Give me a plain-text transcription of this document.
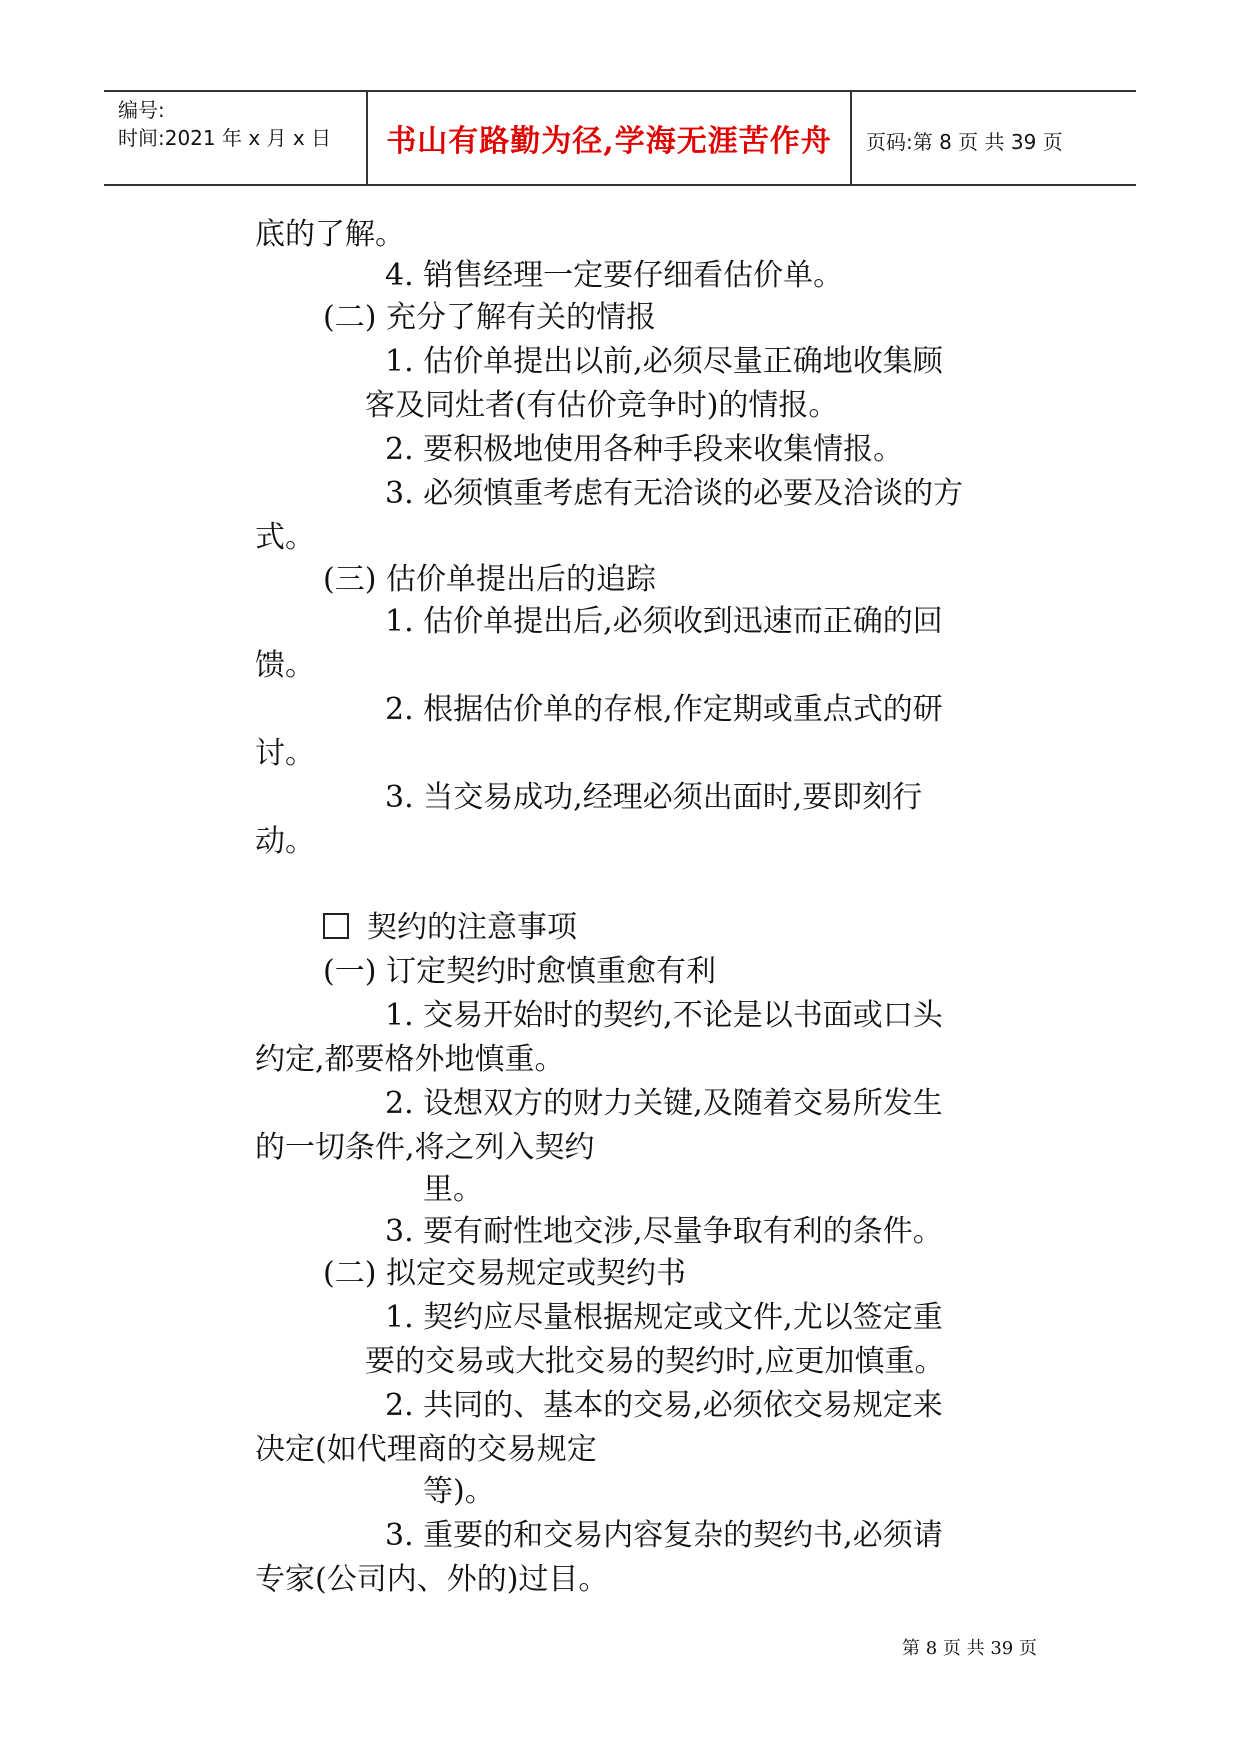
编号:
时间:2021 年 x 月 x 日	书山有路勤为径,学海无涯苦作舟	页码:第 8 页 共 39 页
底的了解。
4. 销售经理一定要仔细看估价单。
(二) 充分了解有关的情报
1. 估价单提出以前,必须尽量正确地收集顾
客及同灶者(有估价竞争时)的情报。
2. 要积极地使用各种手段来收集情报。
3. 必须慎重考虑有无洽谈的必要及洽谈的方
式。
(三) 估价单提出后的追踪
1. 估价单提出后,必须收到迅速而正确的回
馈。
2. 根据估价单的存根,作定期或重点式的研
讨。
3. 当交易成功,经理必须出面时,要即刻行
动。
契约的注意事项
(一) 订定契约时愈慎重愈有利
1. 交易开始时的契约,不论是以书面或口头
约定,都要格外地慎重。
2. 设想双方的财力关键,及随着交易所发生
的一切条件,将之列入契约
里。
3. 要有耐性地交涉,尽量争取有利的条件。
(二) 拟定交易规定或契约书
1. 契约应尽量根据规定或文件,尤以签定重
要的交易或大批交易的契约时,应更加慎重。
2. 共同的、基本的交易,必须依交易规定来
决定(如代理商的交易规定
等)。
3. 重要的和交易内容复杂的契约书,必须请
专家(公司内、外的)过目。
第 8 页 共 39 页
